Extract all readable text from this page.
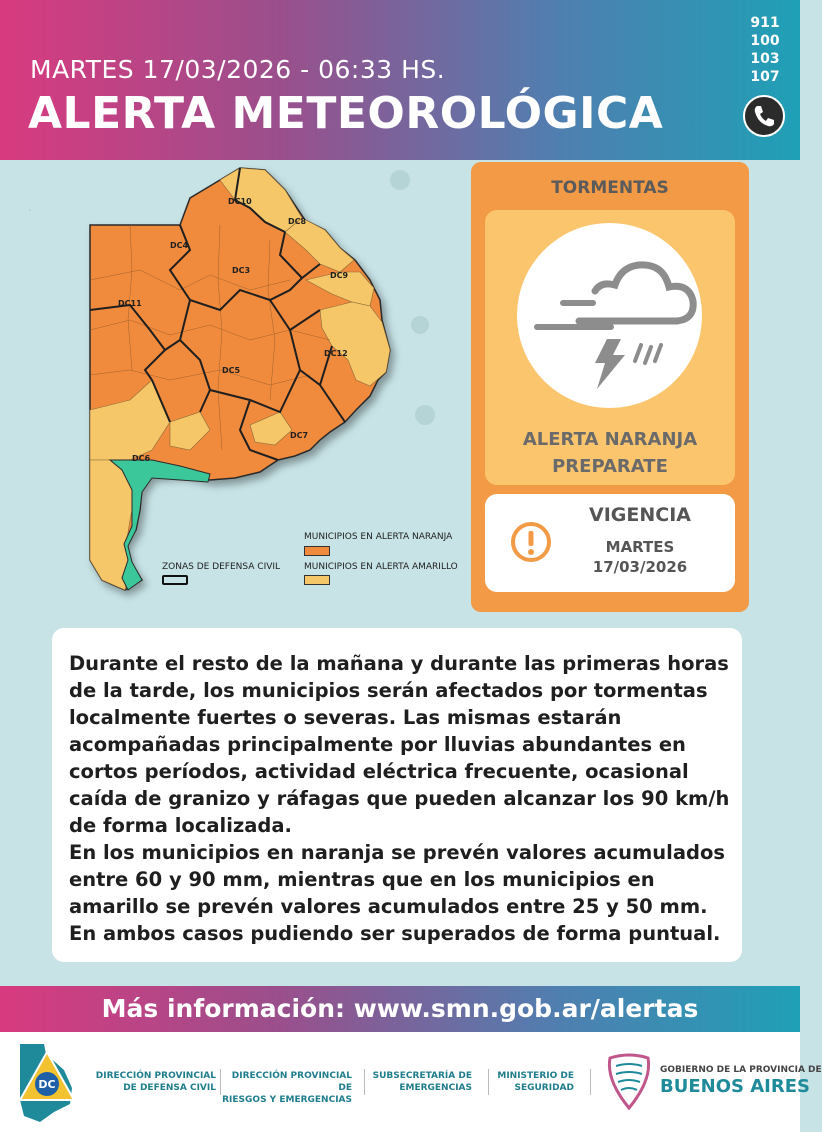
MARTES 17/03/2026 - 06:33 HS.
ALERTA METEOROLÓGICA
911
100
103
107
DC10
DC8
DC4
DC3
DC9
DC11
DC12
DC5
DC7
DC6
MUNICIPIOS EN ALERTA NARANJA
ZONAS DE DEFENSA CIVIL	MUNICIPIOS EN ALERTA AMARILLO
TORMENTAS
ALERTA NARANJA
PREPARATE
VIGENCIA
MARTES
17/03/2026
Durante el resto de la mañana y durante las primeras horas de la tarde, los municipios serán afectados por tormentas localmente fuertes o severas. Las mismas estarán acompañadas principalmente por lluvias abundantes en cortos períodos, actividad eléctrica frecuente, ocasional caída de granizo y ráfagas que pueden alcanzar los 90 km/h de forma localizada.
En los municipios en naranja se prevén valores acumulados entre 60 y 90 mm, mientras que en los municipios en amarillo se prevén valores acumulados entre 25 y 50 mm. En ambos casos pudiendo ser superados de forma puntual.
Más información: www.smn.gob.ar/alertas
DC
DIRECCIÓN PROVINCIAL
DE DEFENSA CIVIL
DIRECCIÓN PROVINCIAL DE
RIESGOS Y EMERGENCIAS
SUBSECRETARÍA DE
EMERGENCIAS
MINISTERIO DE
SEGURIDAD
GOBIERNO DE LA PROVINCIA DE
BUENOS AIRES
